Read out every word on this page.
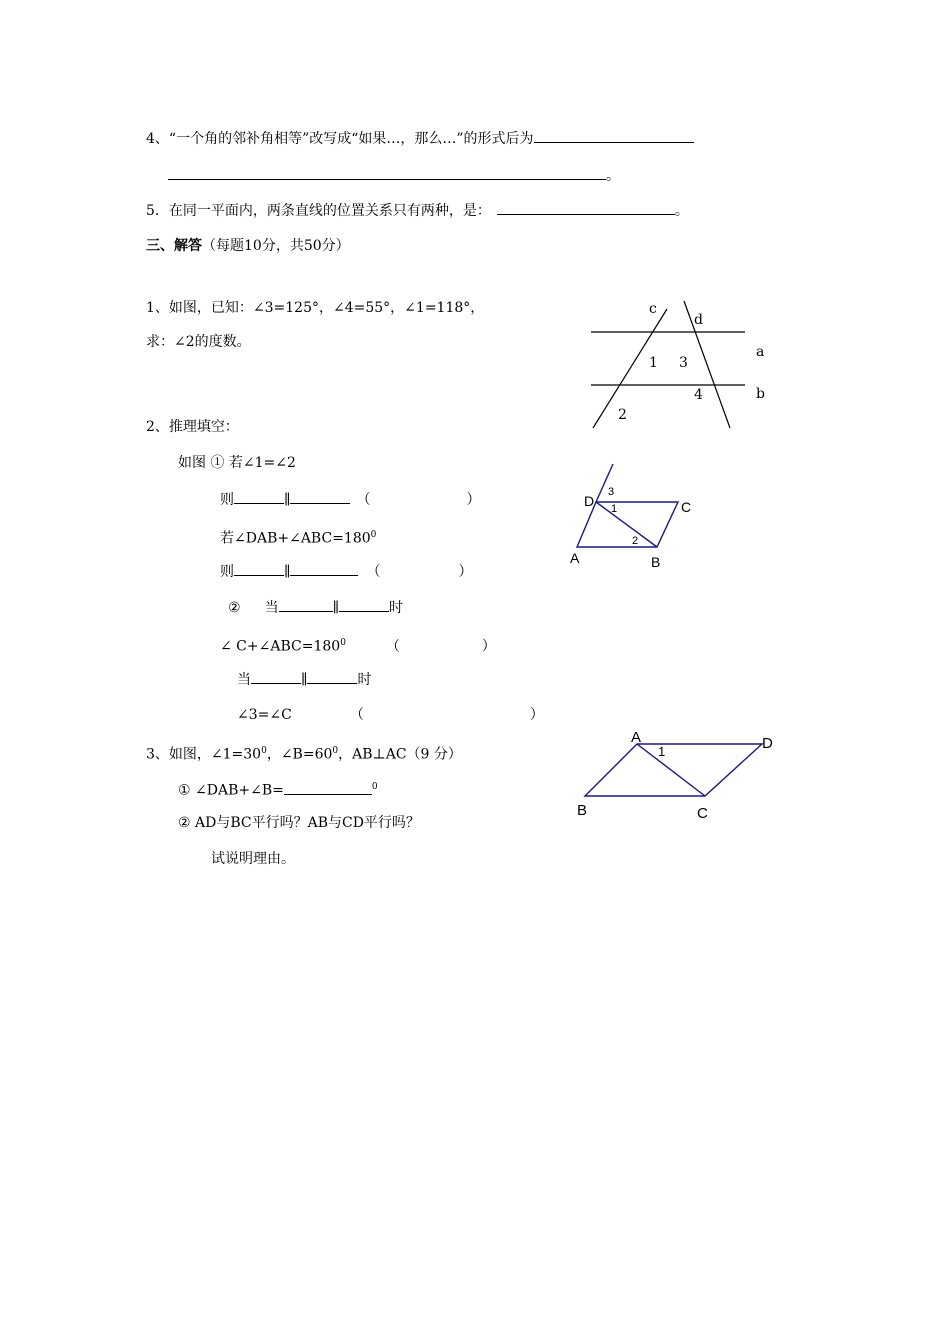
4、“一个角的邻补角相等”改写成“如果…，那么…”的形式后为
。
5．在同一平面内，两条直线的位置关系只有两种，是：	。
三、解答（每题10分，共50分）
1、如图，已知：∠3=125°，∠4=55°，∠1=118°，
求：∠2的度数。
c
d
a
b
1 3
4
2
2、推理填空：
如图 ① 若∠1=∠2
则	∥	（	）
若$\angle DAB+\angle ABC=180^0$
则	∥	（	）
② 当	∥	时
∠ $C+\angle ABC=180^0$	（	）
当	∥	时
∠3=∠C	（	）
D	C
A	B
3
1
2
3、如图，$\angle 1=30^0$，$\angle B=60^0$，AB⊥AC（9 分）
① ∠DAB+∠B=	$^0$
② AD与BC平行吗？AB与CD平行吗？
试说明理由。
A	D
B	C
1
